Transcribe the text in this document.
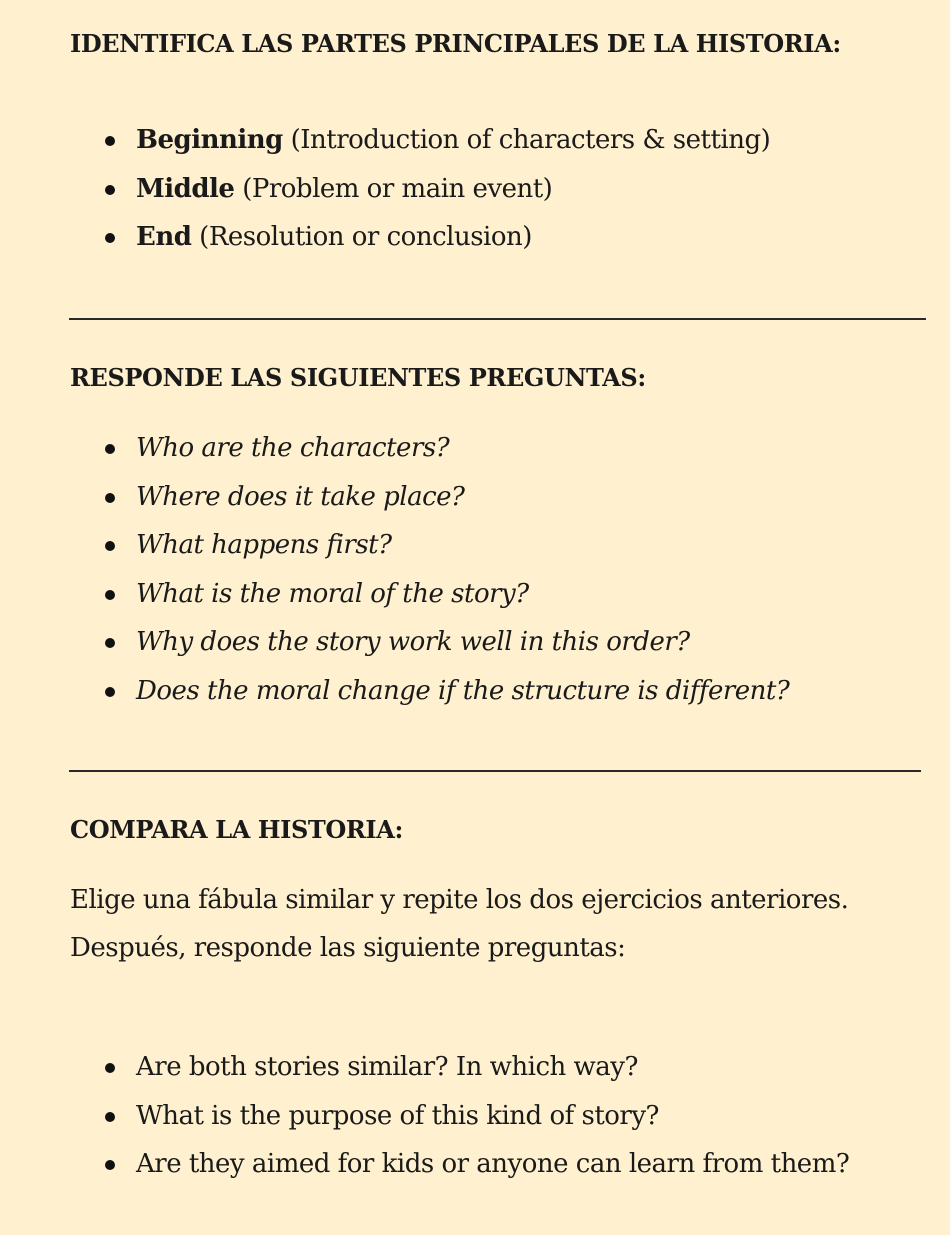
IDENTIFICA LAS PARTES PRINCIPALES DE LA HISTORIA:
Beginning (Introduction of characters & setting)
Middle (Problem or main event)
End (Resolution or conclusion)
RESPONDE LAS SIGUIENTES PREGUNTAS:
Who are the characters?
Where does it take place?
What happens first?
What is the moral of the story?
Why does the story work well in this order?
Does the moral change if the structure is different?
COMPARA LA HISTORIA:

Elige una fábula similar y repite los dos ejercicios anteriores.

Después, responde las siguiente preguntas:

Are both stories similar? In which way?
What is the purpose of this kind of story?
Are they aimed for kids or anyone can learn from them?
